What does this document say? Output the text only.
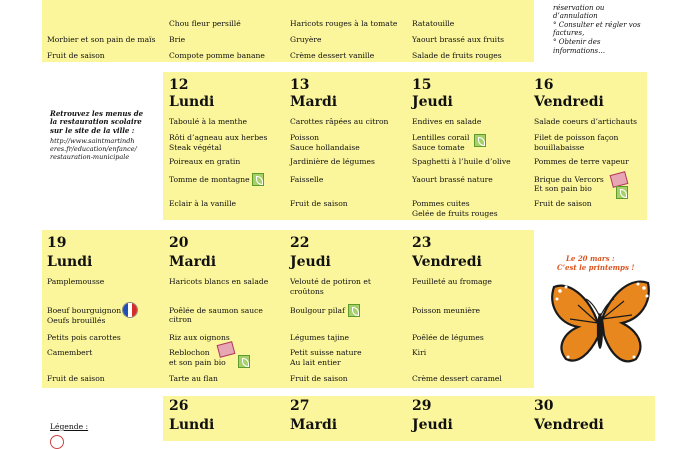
Morbier et son pain de maïs
Fruit de saison
Chou fleur persillé
Brie
Compote pomme banane
Haricots rouges à la tomate
Gruyère
Crème dessert vanille
Ratatouille
Yaourt brassé aux fruits
Salade de fruits rouges
réservation ou
d’annulation
° Consulter et régler vos
factures,
° Obtenir des
informations…
Retrouvez les menus de
la restauration scolaire
sur le site de la ville :
http://www.saintmartindh
eres.fr/education/enfance/
restauration-municipale
12
Lundi
13
Mardi
15
Jeudi
16
Vendredi
Taboulé à la menthe
Rôti d’agneau aux herbes
Steak végétal
Poireaux en gratin
Tomme de montagne
Eclair à la vanille
Carottes râpées au citron
Poisson
Sauce hollandaise
Jardinière de légumes
Faisselle
Fruit de saison
Endives en salade
Lentilles corail
Sauce tomate
Spaghetti à l’huile d’olive
Yaourt brassé nature
Pommes cuites
Gelée de fruits rouges
Salade coeurs d’artichauts
Filet de poisson façon
bouillabaisse
Pommes de terre vapeur
Brique du Vercors
Et son pain bio
Fruit de saison
19
Lundi
20
Mardi
22
Jeudi
23
Vendredi
Pamplemousse
Boeuf bourguignon
Oeufs brouillés
Petits pois carottes
Camembert
Fruit de saison
Haricots blancs en salade
Poêlée de saumon sauce
citron
Riz aux oignons
Reblochon
et son pain bio
Tarte au flan
Velouté de potiron et
croûtons
Boulgour pilaf
Légumes tajine
Petit suisse nature
Au lait entier
Fruit de saison
Feuilleté au fromage
Poisson meunière
Poêlée de légumes
Kiri
Crème dessert caramel
Le 20 mars :
C’est le printemps !
26
Lundi
27
Mardi
29
Jeudi
30
Vendredi
Légende :
